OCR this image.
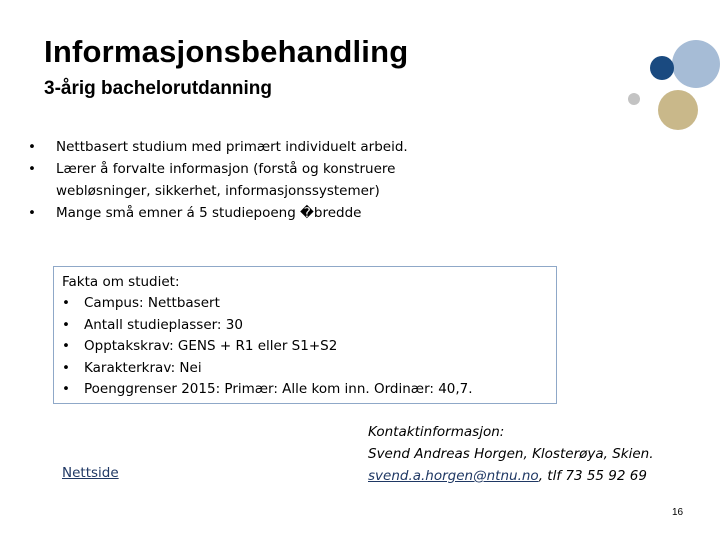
Informasjonsbehandling
3-årig bachelorutdanning
• Nettbasert studium med primært individuelt arbeid.
• Lærer å forvalte informasjon (forstå og konstruere
webløsninger, sikkerhet, informasjonssystemer)
• Mange små emner á 5 studiepoeng �bredde
Fakta om studiet:
• Campus: Nettbasert
• Antall studieplasser: 30
• Opptakskrav: GENS + R1 eller S1+S2
• Karakterkrav: Nei
• Poenggrenser 2015: Primær: Alle kom inn. Ordinær: 40,7.
Nettside
Kontaktinformasjon:
Svend Andreas Horgen, Klosterøya, Skien.
svend.a.horgen@ntnu.no, tlf 73 55 92 69
16
